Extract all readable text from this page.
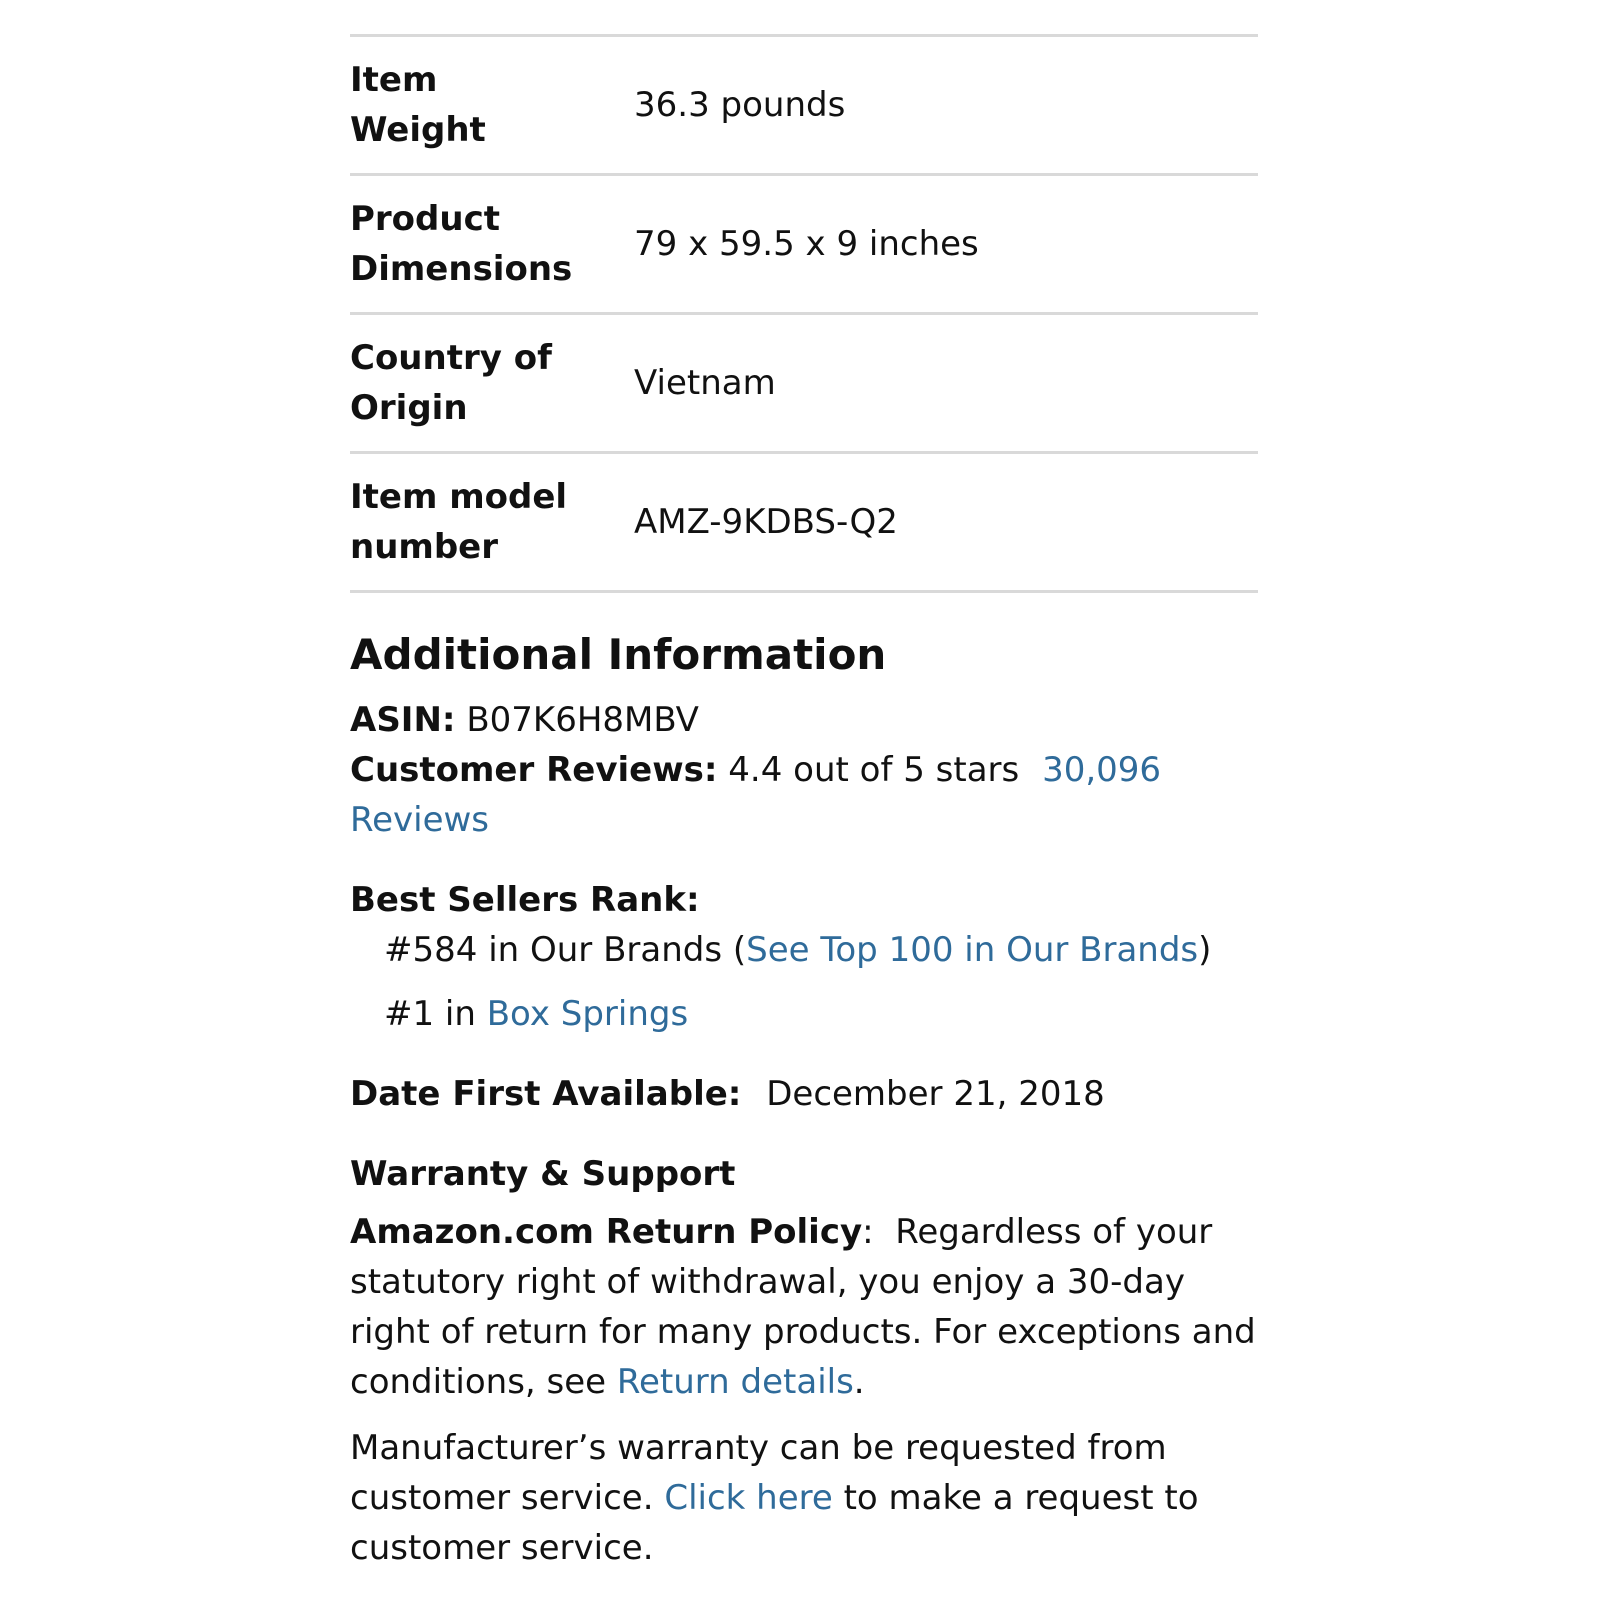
Item
Weight
36.3 pounds
Product
Dimensions
79 x 59.5 x 9 inches
Country of
Origin
Vietnam
Item model
number
AMZ-9KDBS-Q2
Additional Information
ASIN: B07K6H8MBV
Customer Reviews: 4.4 out of 5 stars 30,096 Reviews
Best Sellers Rank:
#584 in Our Brands (See Top 100 in Our Brands)
#1 in Box Springs
Date First Available: December 21, 2018
Warranty & Support
Amazon.com Return Policy: Regardless of your statutory right of withdrawal, you enjoy a 30-day right of return for many products. For exceptions and conditions, see Return details.
Manufacturer’s warranty can be requested from customer service. Click here to make a request to customer service.
